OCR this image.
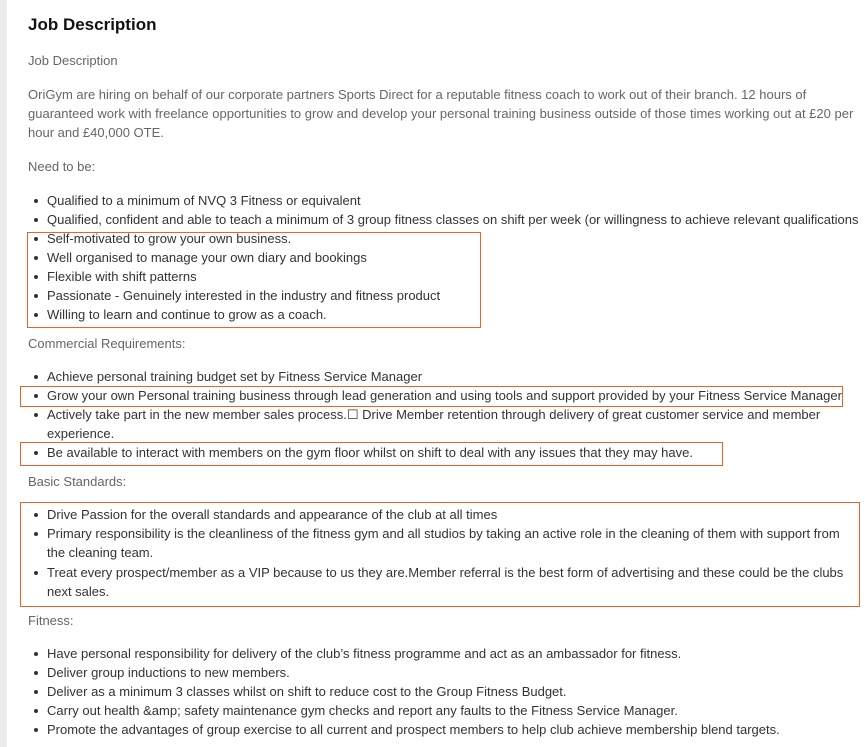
Job Description
Job Description
OriGym are hiring on behalf of our corporate partners Sports Direct for a reputable fitness coach to work out of their branch. 12 hours of guaranteed work with freelance opportunities to grow and develop your personal training business outside of those times working out at £20 per hour and £40,000 OTE.
Need to be:
Qualified to a minimum of NVQ 3 Fitness or equivalent
Qualified, confident and able to teach a minimum of 3 group fitness classes on shift per week (or willingness to achieve relevant qualifications
Self-motivated to grow your own business.
Well organised to manage your own diary and bookings
Flexible with shift patterns
Passionate - Genuinely interested in the industry and fitness product
Willing to learn and continue to grow as a coach.
Commercial Requirements:
Achieve personal training budget set by Fitness Service Manager
Grow your own Personal training business through lead generation and using tools and support provided by your Fitness Service Manager
Actively take part in the new member sales process.☐ Drive Member retention through delivery of great customer service and member experience.
Be available to interact with members on the gym floor whilst on shift to deal with any issues that they may have.
Basic Standards:
Drive Passion for the overall standards and appearance of the club at all times
Primary responsibility is the cleanliness of the fitness gym and all studios by taking an active role in the cleaning of them with support from the cleaning team.
Treat every prospect/member as a VIP because to us they are.Member referral is the best form of advertising and these could be the clubs next sales.
Fitness:
Have personal responsibility for delivery of the club’s fitness programme and act as an ambassador for fitness.
Deliver group inductions to new members.
Deliver as a minimum 3 classes whilst on shift to reduce cost to the Group Fitness Budget.
Carry out health &amp; safety maintenance gym checks and report any faults to the Fitness Service Manager.
Promote the advantages of group exercise to all current and prospect members to help club achieve membership blend targets.
